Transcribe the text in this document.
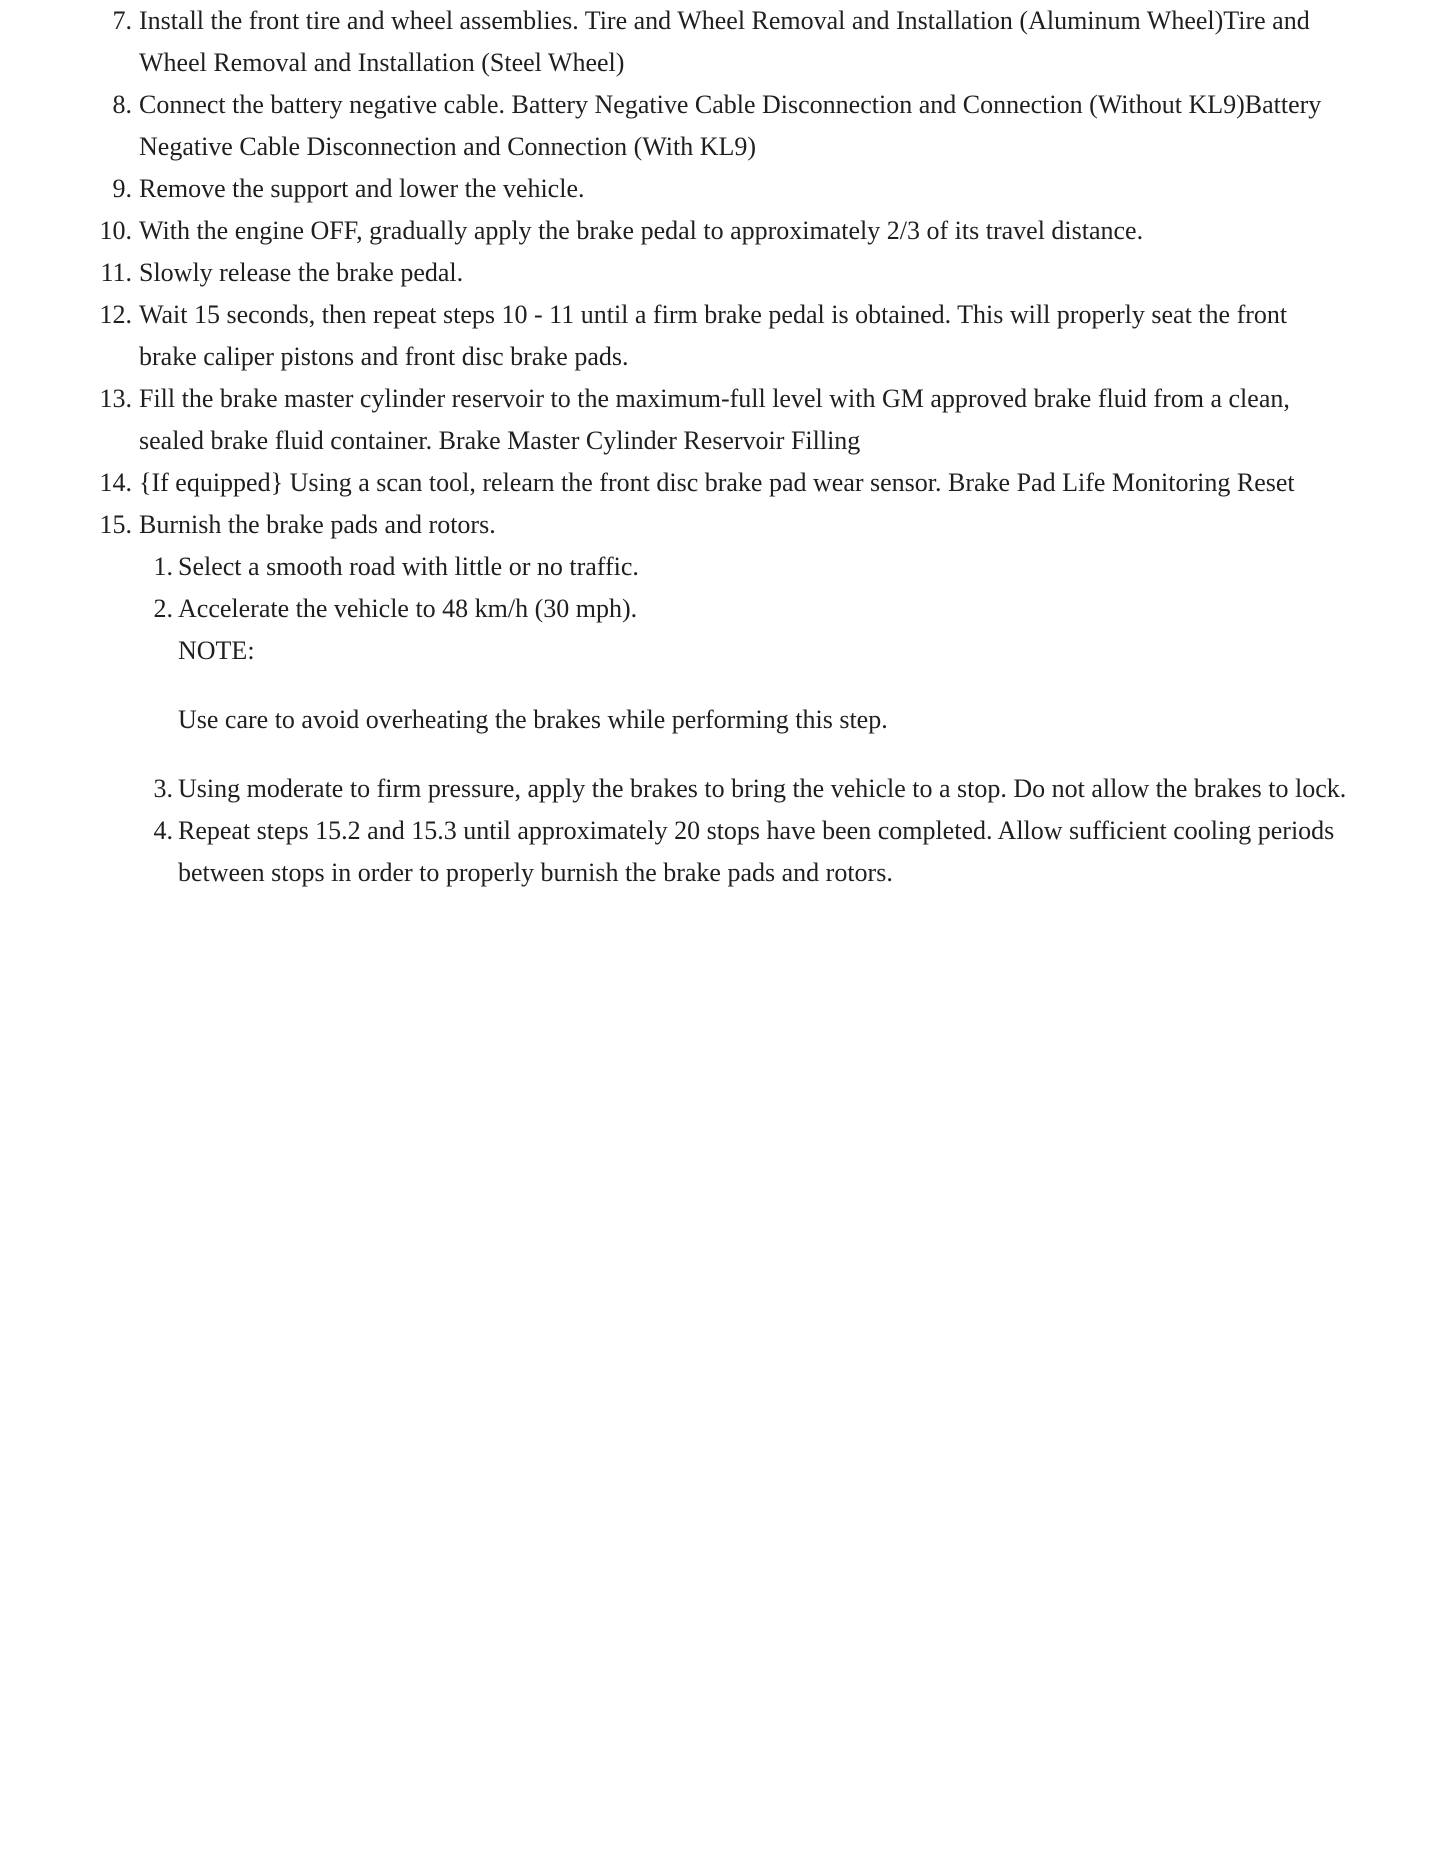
7. Install the front tire and wheel assemblies. Tire and Wheel Removal and Installation (Aluminum Wheel)Tire and Wheel Removal and Installation (Steel Wheel)
8. Connect the battery negative cable. Battery Negative Cable Disconnection and Connection (Without KL9)Battery Negative Cable Disconnection and Connection (With KL9)
9. Remove the support and lower the vehicle.
10. With the engine OFF, gradually apply the brake pedal to approximately 2/3 of its travel distance.
11. Slowly release the brake pedal.
12. Wait 15 seconds, then repeat steps 10 - 11 until a firm brake pedal is obtained. This will properly seat the front brake caliper pistons and front disc brake pads.
13. Fill the brake master cylinder reservoir to the maximum-full level with GM approved brake fluid from a clean, sealed brake fluid container. Brake Master Cylinder Reservoir Filling
14. {If equipped} Using a scan tool, relearn the front disc brake pad wear sensor. Brake Pad Life Monitoring Reset
15. Burnish the brake pads and rotors.
1. Select a smooth road with little or no traffic.
2. Accelerate the vehicle to 48 km/h (30 mph).
NOTE:
Use care to avoid overheating the brakes while performing this step.
3. Using moderate to firm pressure, apply the brakes to bring the vehicle to a stop. Do not allow the brakes to lock.
4. Repeat steps 15.2 and 15.3 until approximately 20 stops have been completed. Allow sufficient cooling periods between stops in order to properly burnish the brake pads and rotors.
